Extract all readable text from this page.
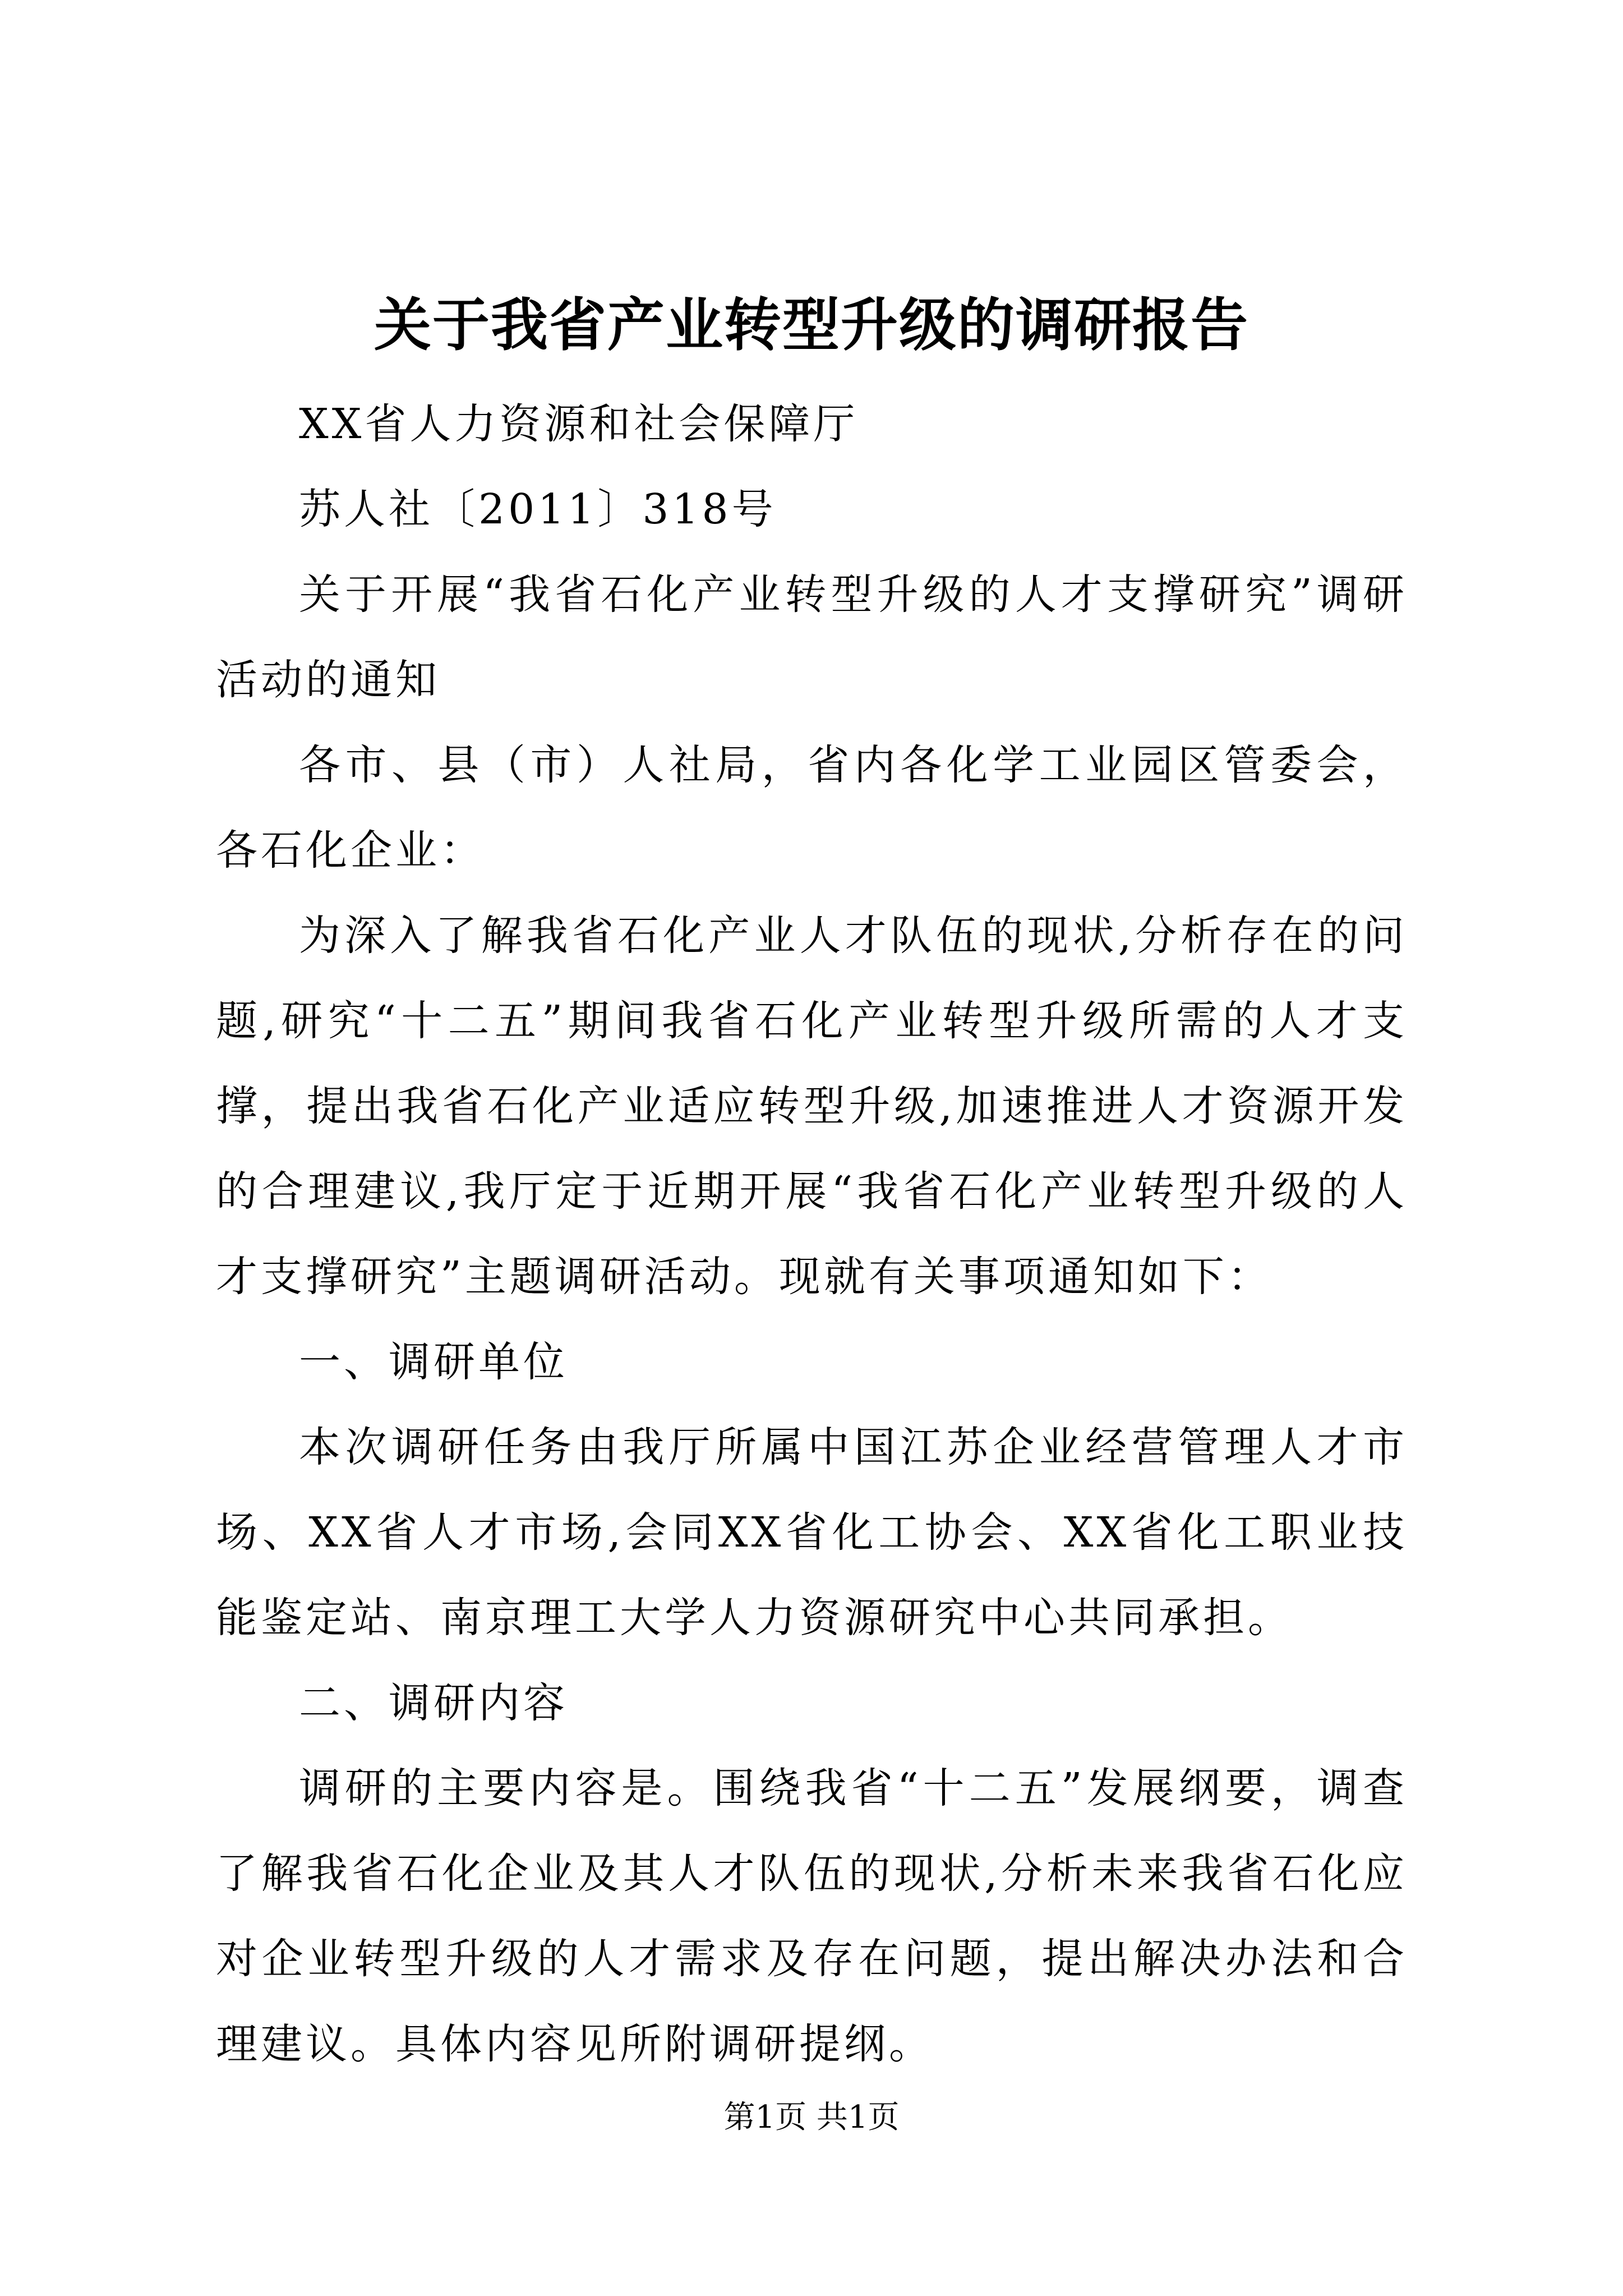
关于我省产业转型升级的调研报告

XX省人力资源和社会保障厅

苏人社〔2011〕318号

关于开展“我省石化产业转型升级的人才支撑研究”调研活动的通知

各市、县（市）人社局，省内各化学工业园区管委会，各石化企业：

为深入了解我省石化产业人才队伍的现状,分析存在的问题,研究“十二五”期间我省石化产业转型升级所需的人才支撑，提出我省石化产业适应转型升级,加速推进人才资源开发的合理建议,我厅定于近期开展“我省石化产业转型升级的人才支撑研究”主题调研活动。现就有关事项通知如下：

一、调研单位

本次调研任务由我厅所属中国江苏企业经营管理人才市场、XX省人才市场,会同XX省化工协会、XX省化工职业技能鉴定站、南京理工大学人力资源研究中心共同承担。

二、调研内容

调研的主要内容是。围绕我省“十二五”发展纲要，调查了解我省石化企业及其人才队伍的现状,分析未来我省石化应对企业转型升级的人才需求及存在问题，提出解决办法和合理建议。具体内容见所附调研提纲。

第1页 共1页
